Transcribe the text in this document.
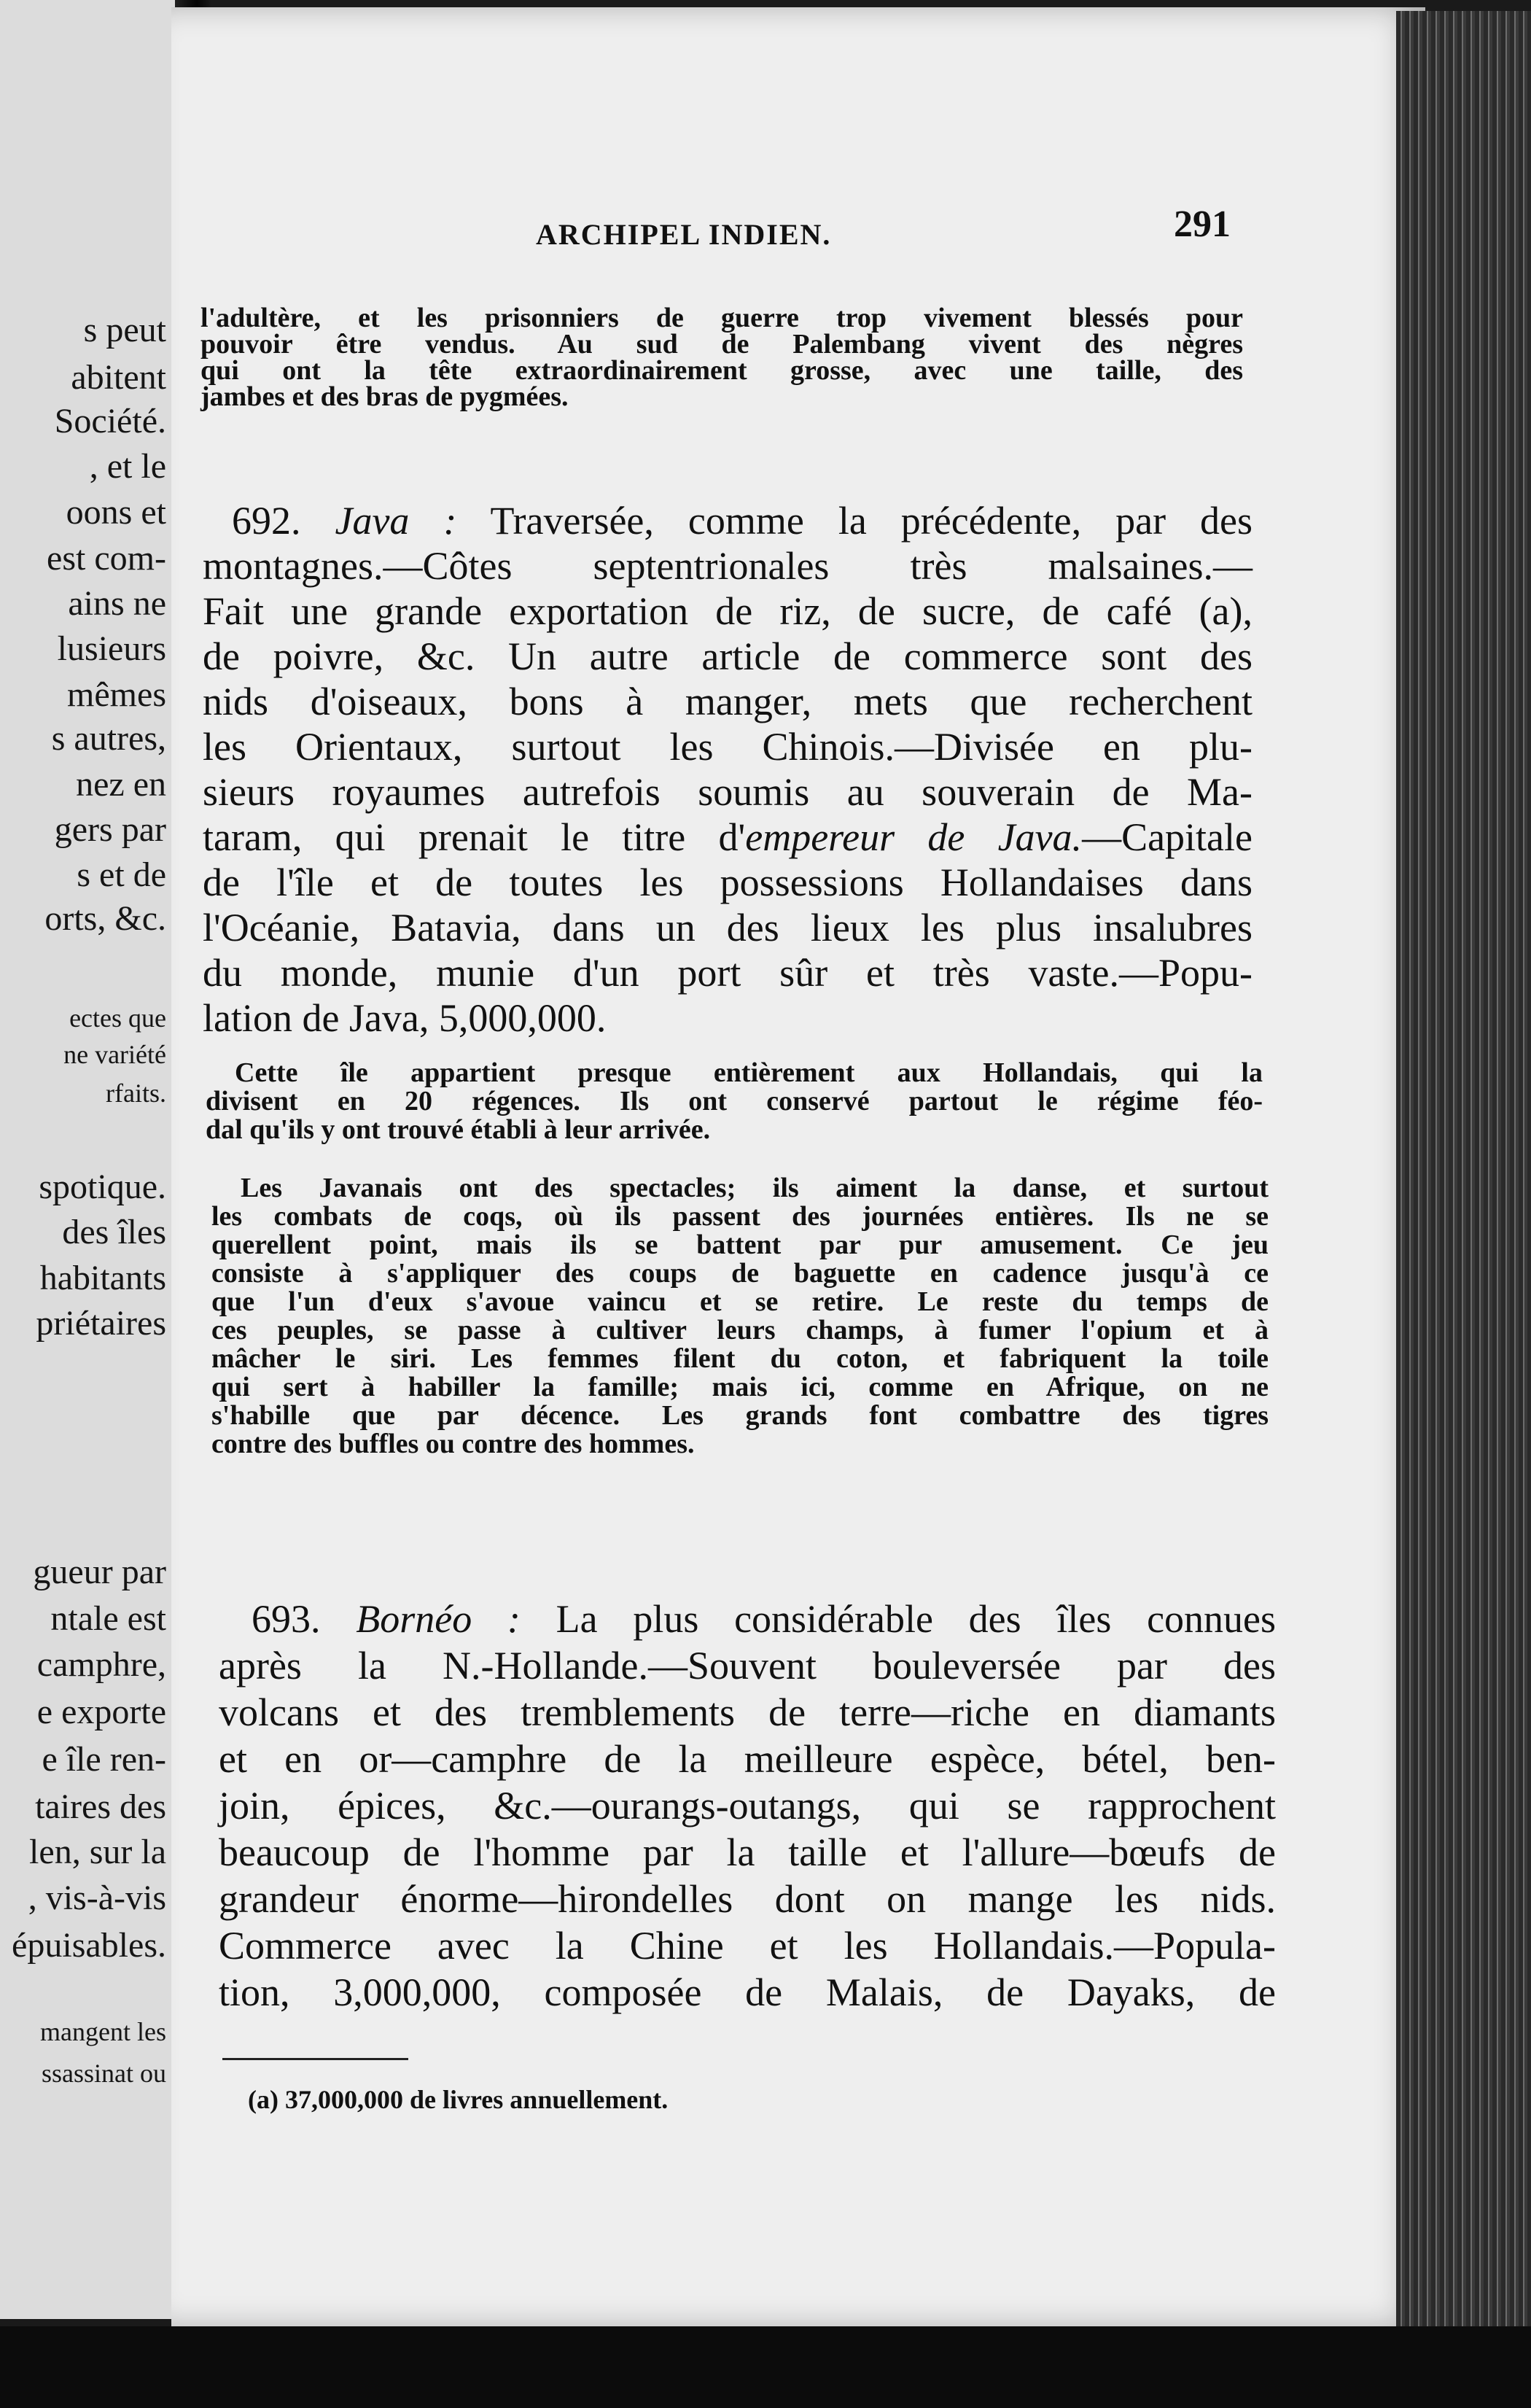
s peut
abitent
Société.
, et le
oons et
est com-
ains ne
lusieurs
mêmes
s autres,
nez en
gers par
s et de
orts, &c.
ectes que
ne variété
rfaits.
spotique.
des îles
habitants
priétaires
gueur par
ntale est
camphre,
e exporte
e île ren-
taires des
len, sur la
, vis-à-vis
épuisables.
mangent les
ssassinat ou
ARCHIPEL INDIEN.	291
l'adultère, et les prisonniers de guerre trop vivement blessés pour
pouvoir être vendus. Au sud de Palembang vivent des nègres
qui ont la tête extraordinairement grosse, avec une taille, des
jambes et des bras de pygmées.
692. Java : Traversée, comme la précédente, par des
montagnes.—Côtes septentrionales très malsaines.—
Fait une grande exportation de riz, de sucre, de café (a),
de poivre, &c. Un autre article de commerce sont des
nids d'oiseaux, bons à manger, mets que recherchent
les Orientaux, surtout les Chinois.—Divisée en plu-
sieurs royaumes autrefois soumis au souverain de Ma-
taram, qui prenait le titre d'empereur de Java.—Capitale
de l'île et de toutes les possessions Hollandaises dans
l'Océanie, Batavia, dans un des lieux les plus insalubres
du monde, munie d'un port sûr et très vaste.—Popu-
lation de Java, 5,000,000.
Cette île appartient presque entièrement aux Hollandais, qui la
divisent en 20 régences. Ils ont conservé partout le régime féo-
dal qu'ils y ont trouvé établi à leur arrivée.
Les Javanais ont des spectacles; ils aiment la danse, et surtout
les combats de coqs, où ils passent des journées entières. Ils ne se
querellent point, mais ils se battent par pur amusement. Ce jeu
consiste à s'appliquer des coups de baguette en cadence jusqu'à ce
que l'un d'eux s'avoue vaincu et se retire. Le reste du temps de
ces peuples, se passe à cultiver leurs champs, à fumer l'opium et à
mâcher le siri. Les femmes filent du coton, et fabriquent la toile
qui sert à habiller la famille; mais ici, comme en Afrique, on ne
s'habille que par décence. Les grands font combattre des tigres
contre des buffles ou contre des hommes.
693. Bornéo : La plus considérable des îles connues
après la N.-Hollande.—Souvent bouleversée par des
volcans et des tremblements de terre—riche en diamants
et en or—camphre de la meilleure espèce, bétel, ben-
join, épices, &c.—ourangs-outangs, qui se rapprochent
beaucoup de l'homme par la taille et l'allure—bœufs de
grandeur énorme—hirondelles dont on mange les nids.
Commerce avec la Chine et les Hollandais.—Popula-
tion, 3,000,000, composée de Malais, de Dayaks, de
(a) 37,000,000 de livres annuellement.
